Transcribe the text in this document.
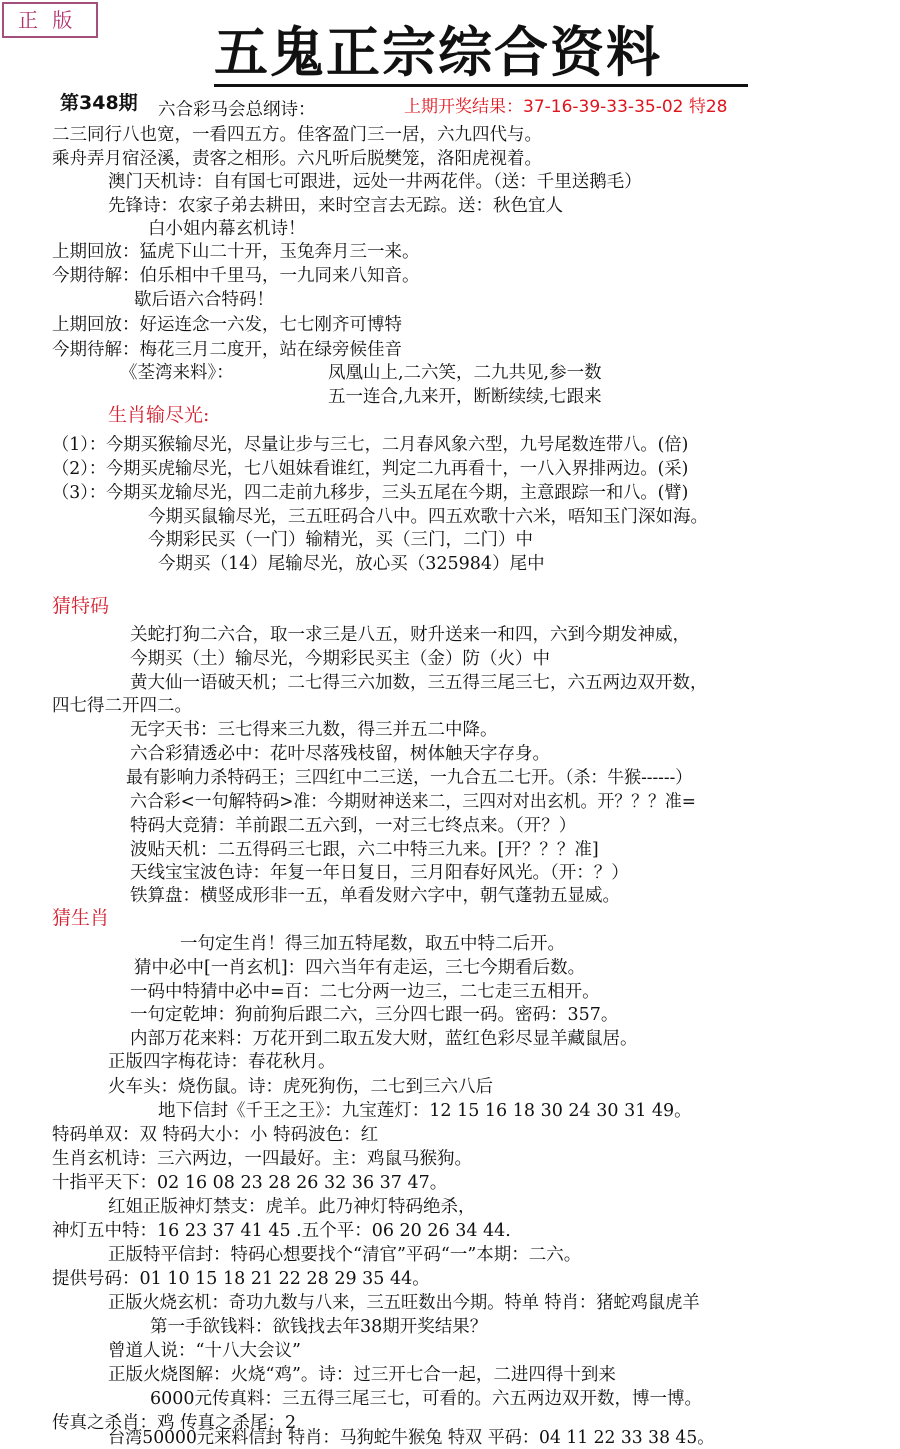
正 版	五鬼正宗综合资料
第348期	上期开奖结果：37-16-39-33-35-02 特28
六合彩马会总纲诗：
二三同行八也宽，一看四五方。佳客盈门三一居，六九四代与。
乘舟弄月宿泾溪，责客之相形。六凡听后脱樊笼，洛阳虎视着。
澳门天机诗：自有国七可跟进，远处一井两花伴。（送：千里送鹅毛）
先锋诗：农家子弟去耕田，来时空言去无踪。送：秋色宜人
白小姐内幕玄机诗！
上期回放：猛虎下山二十开，玉兔奔月三一来。
今期待解：伯乐相中千里马，一九同来八知音。
歇后语六合特码！
上期回放：好运连念一六发，七七刚齐可博特
今期待解：梅花三月二度开，站在绿旁候佳音
《荃湾来料》：	凤凰山上,二六笑，二九共见,参一数
五一连合,九来开，断断续续,七跟来
生肖输尽光:
（1）：今期买猴输尽光，尽量让步与三七，二月春风象六型，九号尾数连带八。(倍)
（2）：今期买虎输尽光，七八姐妹看谁红，判定二九再看十，一八入界排两边。(采)
（3）：今期买龙输尽光，四二走前九移步，三头五尾在今期，主意跟踪一和八。(臂)
今期买鼠输尽光，三五旺码合八中。四五欢歌十六米，唔知玉门深如海。
今期彩民买（一门）输精光，买（三门，二门）中
今期买（14）尾输尽光，放心买（325984）尾中
猜特码
关蛇打狗二六合，取一求三是八五，财升送来一和四，六到今期发神威，
今期买（土）输尽光，今期彩民买主（金）防（火）中
黄大仙一语破天机；二七得三六加数，三五得三尾三七，六五两边双开数，
四七得二开四二。
无字天书：三七得来三九数，得三并五二中降。
六合彩猜透必中：花叶尽落残枝留，树体触天字存身。
最有影响力杀特码王；三四红中二三送，一九合五二七开。（杀：牛猴------）
六合彩<一句解特码>准：今期财神送来二，三四对对出玄机。开？？？准=
特码大竞猜：羊前跟二五六到，一对三七终点来。（开？）
波贴天机：二五得码三七跟，六二中特三九来。[开？？？准]
天线宝宝波色诗：年复一年日复日，三月阳春好风光。（开：？）
铁算盘：横竖成形非一五，单看发财六字中，朝气蓬勃五显威。
猜生肖
一句定生肖！得三加五特尾数，取五中特二后开。
猜中必中[一肖玄机]：四六当年有走运，三七今期看后数。
一码中特猜中必中=百：二七分两一边三，二七走三五相开。
一句定乾坤：狗前狗后跟二六，三分四七跟一码。密码：357。
内部万花来料：万花开到二取五发大财，蓝红色彩尽显羊藏鼠居。
正版四字梅花诗：春花秋月。
火车头：烧伤鼠。诗：虎死狗伤，二七到三六八后
地下信封《千王之王》：九宝莲灯：12 15 16 18 30 24 30 31 49。
特码单双：双 特码大小：小 特码波色：红
生肖玄机诗：三六两边，一四最好。主：鸡鼠马猴狗。
十指平天下：02 16 08 23 28 26 32 36 37 47。
红姐正版神灯禁支：虎羊。此乃神灯特码绝杀，
神灯五中特：16 23 37 41 45 .五个平：06 20 26 34 44.
正版特平信封：特码心想要找个“清官”平码“一”本期：二六。
提供号码：01 10 15 18 21 22 28 29 35 44。
正版火烧玄机：奇功九数与八来，三五旺数出今期。特单 特肖：猪蛇鸡鼠虎羊
第一手欲钱料：欲钱找去年38期开奖结果？
曾道人说：“十八大会议”
正版火烧图解：火烧“鸡”。诗：过三开七合一起，二进四得十到来
6000元传真料：三五得三尾三七，可看的。六五两边双开数，博一博。
传真之杀肖：鸡 传真之杀尾：2
台湾50000元来料信封 特肖：马狗蛇牛猴兔 特双 平码：04 11 22 33 38 45。
